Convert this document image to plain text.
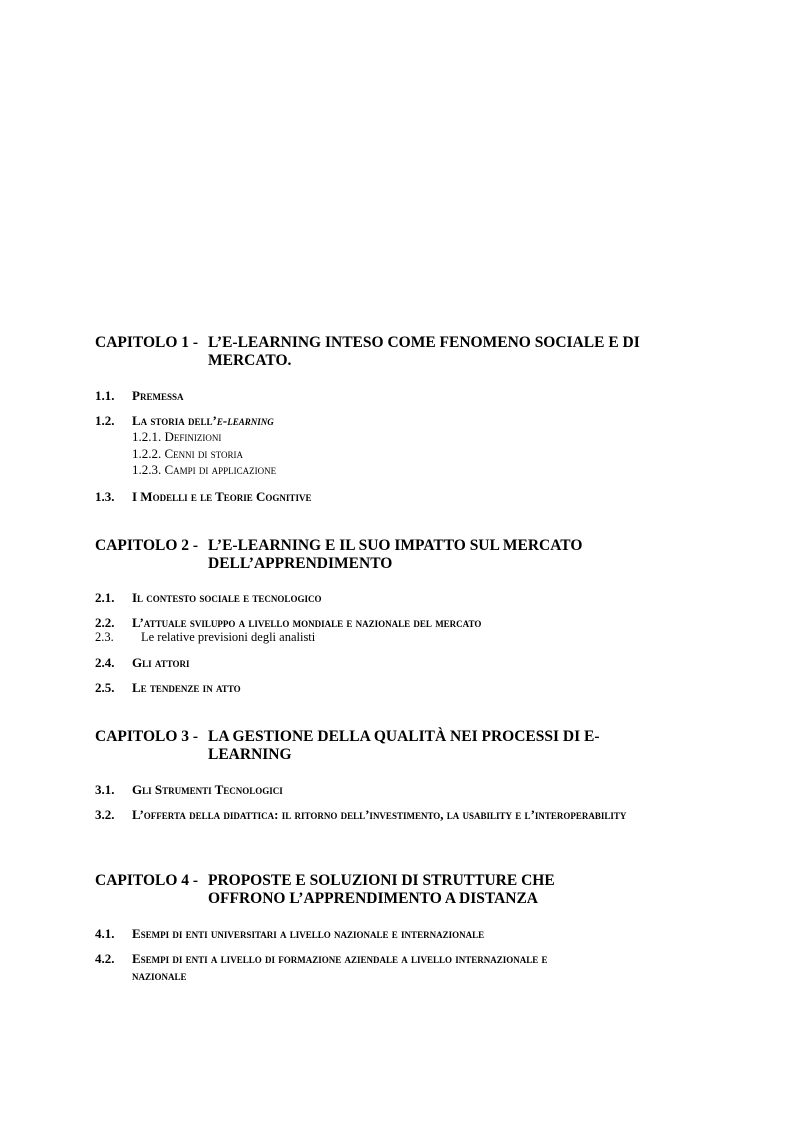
CAPITOLO 1 - L’E-LEARNING INTESO COME FENOMENO SOCIALE E DI MERCATO.
1.1. Premessa
1.2. La storia dell’e-learning
1.2.1. Definizioni
1.2.2. Cenni di storia
1.2.3. Campi di applicazione
1.3. I Modelli e le Teorie Cognitive
CAPITOLO 2 - L’E-LEARNING E IL SUO IMPATTO SUL MERCATO DELL’APPRENDIMENTO
2.1. Il contesto sociale e tecnologico
2.2. L’attuale sviluppo a livello mondiale e nazionale del mercato
2.3. Le relative previsioni degli analisti
2.4. Gli attori
2.5. Le tendenze in atto
CAPITOLO 3 - LA GESTIONE DELLA QUALITÀ NEI PROCESSI DI E-LEARNING
3.1. Gli Strumenti Tecnologici
3.2. L’offerta della didattica: il ritorno dell’investimento, la usability e l’interoperability
CAPITOLO 4 - PROPOSTE E SOLUZIONI DI STRUTTURE CHE OFFRONO L’APPRENDIMENTO A DISTANZA
4.1. Esempi di enti universitari a livello nazionale e internazionale
4.2. Esempi di enti a livello di formazione aziendale a livello internazionale e nazionale
